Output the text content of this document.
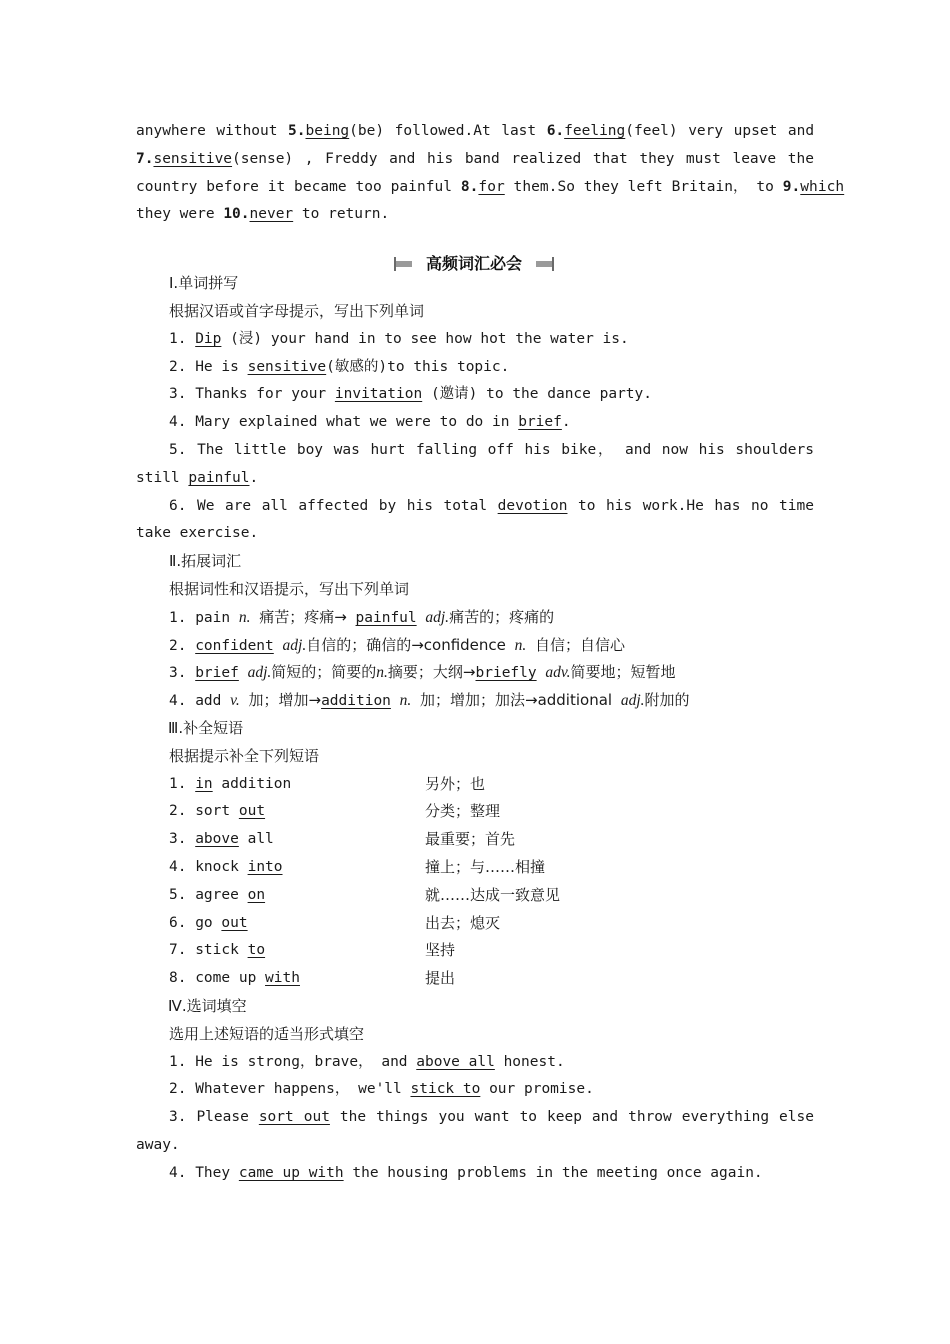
anywhere without 5.being(be) followed.At last 6.feeling(feel) very upset and
7.sensitive(sense) , Freddy and his band realized that they must leave the
country before it became too painful 8.for them.So they left Britain， to 9.which
they were 10.never to return.
高频词汇必会
Ⅰ.单词拼写
根据汉语或首字母提示，写出下列单词
1. Dip (浸) your hand in to see how hot the water is.
2. He is sensitive(敏感的)to this topic.
3. Thanks for your invitation (邀请) to the dance party.
4. Mary explained what we were to do in brief.
5. The little boy was hurt falling off his bike， and now his shoulders
still painful.
6. We are all affected by his total devotion to his work.He has no time
take exercise.
Ⅱ.拓展词汇
根据词性和汉语提示，写出下列单词
1. pain n. 痛苦；疼痛→ painful adj.痛苦的；疼痛的
2. confident adj.自信的；确信的→confidence n. 自信；自信心
3. brief adj.简短的；简要的n.摘要；大纲→briefly adv.简要地；短暂地
4. add v. 加；增加→addition n. 加；增加；加法→additional adj.附加的
Ⅲ.补全短语
根据提示补全下列短语
1. in addition	另外；也
2. sort out	分类；整理
3. above all	最重要；首先
4. knock into	撞上；与……相撞
5. agree on	就……达成一致意见
6. go out	出去；熄灭
7. stick to	坚持
8. come up with	提出
Ⅳ.选词填空
选用上述短语的适当形式填空
1. He is strong，brave， and above all honest.
2. Whatever happens， we'll stick to our promise.
3. Please sort out the things you want to keep and throw everything else
away.
4. They came up with the housing problems in the meeting once again.
